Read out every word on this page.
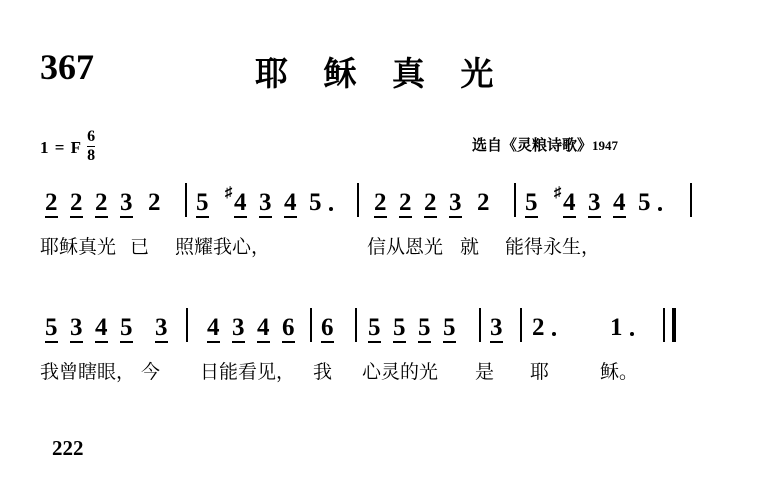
367	耶 稣 真 光
1 = F $\frac{6}{8}$	选自《灵粮诗歌》1947
2 2 2 3 2 5 4
♯ 3 4 5 2 2 2 3 2 5 4
♯ 3 4 5
耶稣真光 已 照耀我心，	信从恩光 就 能得永生，
5 3 4 5 3 4 3 4 6 6 5 5 5 5 3 2	1
我曾瞎眼， 今 日能看见， 我 心灵的光 是 耶	稣。
222
